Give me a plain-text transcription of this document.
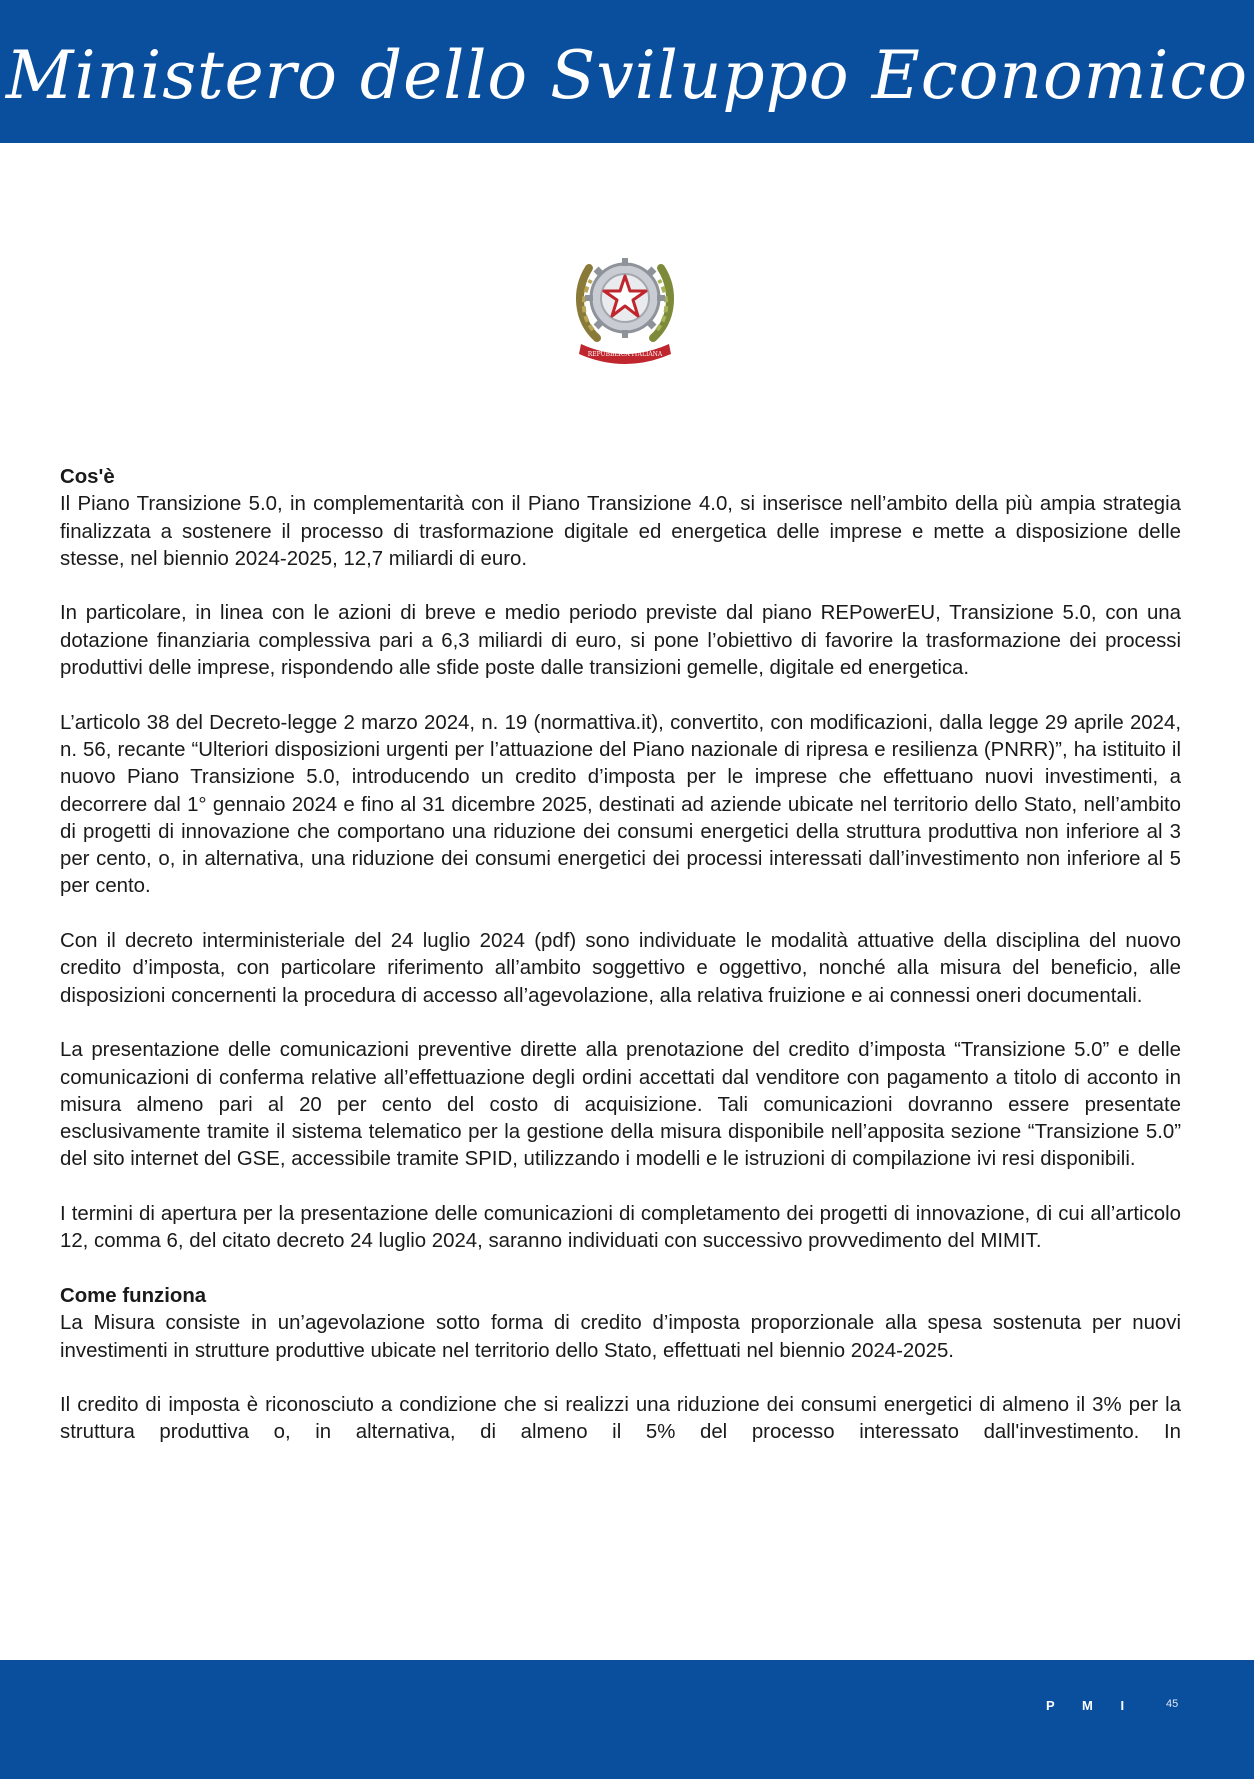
Ministero dello Sviluppo Economico
REPUBBLICA ITALIANA
Cos'è

Il Piano Transizione 5.0, in complementarità con il Piano Transizione 4.0, si inserisce nell’ambito della più ampia strategia finalizzata a sostenere il processo di trasformazione digitale ed energetica delle imprese e mette a disposizione delle stesse, nel biennio 2024-2025, 12,7 miliardi di euro.

In particolare, in linea con le azioni di breve e medio periodo previste dal piano REPowerEU, Transizione 5.0, con una dotazione finanziaria complessiva pari a 6,3 miliardi di euro, si pone l’obiettivo di favorire la trasformazione dei processi produttivi delle imprese, rispondendo alle sfide poste dalle transizioni gemelle, digitale ed energetica.

L’articolo 38 del Decreto-legge 2 marzo 2024, n. 19 (normattiva.it), convertito, con modificazioni, dalla legge 29 aprile 2024, n. 56, recante “Ulteriori disposizioni urgenti per l’attuazione del Piano nazionale di ripresa e resilienza (PNRR)”, ha istituito il nuovo Piano Transizione 5.0, introducendo un credito d’imposta per le imprese che effettuano nuovi investimenti, a decorrere dal 1° gennaio 2024 e fino al 31 dicembre 2025, destinati ad aziende ubicate nel territorio dello Stato, nell’ambito di progetti di innovazione che comportano una riduzione dei consumi energetici della struttura produttiva non inferiore al 3 per cento, o, in alternativa, una riduzione dei consumi energetici dei processi interessati dall’investimento non inferiore al 5 per cento.

Con il decreto interministeriale del 24 luglio 2024 (pdf) sono individuate le modalità attuative della disciplina del nuovo credito d’imposta, con particolare riferimento all’ambito soggettivo e oggettivo, nonché alla misura del beneficio, alle disposizioni concernenti la procedura di accesso all’agevolazione, alla relativa fruizione e ai connessi oneri documentali.

La presentazione delle comunicazioni preventive dirette alla prenotazione del credito d’imposta “Transizione 5.0” e delle comunicazioni di conferma relative all’effettuazione degli ordini accettati dal venditore con pagamento a titolo di acconto in misura almeno pari al 20 per cento del costo di acquisizione. Tali comunicazioni dovranno essere presentate esclusivamente tramite il sistema telematico per la gestione della misura disponibile nell’apposita sezione “Transizione 5.0” del sito internet del GSE, accessibile tramite SPID, utilizzando i modelli e le istruzioni di compilazione ivi resi disponibili.

I termini di apertura per la presentazione delle comunicazioni di completamento dei progetti di innovazione, di cui all’articolo 12, comma 6, del citato decreto 24 luglio 2024, saranno individuati con successivo provvedimento del MIMIT.

Come funziona

La Misura consiste in un’agevolazione sotto forma di credito d’imposta proporzionale alla spesa sostenuta per nuovi investimenti in strutture produttive ubicate nel territorio dello Stato, effettuati nel biennio 2024-2025.

Il credito di imposta è riconosciuto a condizione che si realizzi una riduzione dei consumi energetici di almeno il 3% per la struttura produttiva o, in alternativa, di almeno il 5% del processo interessato dall'investimento. In

P M I	45
